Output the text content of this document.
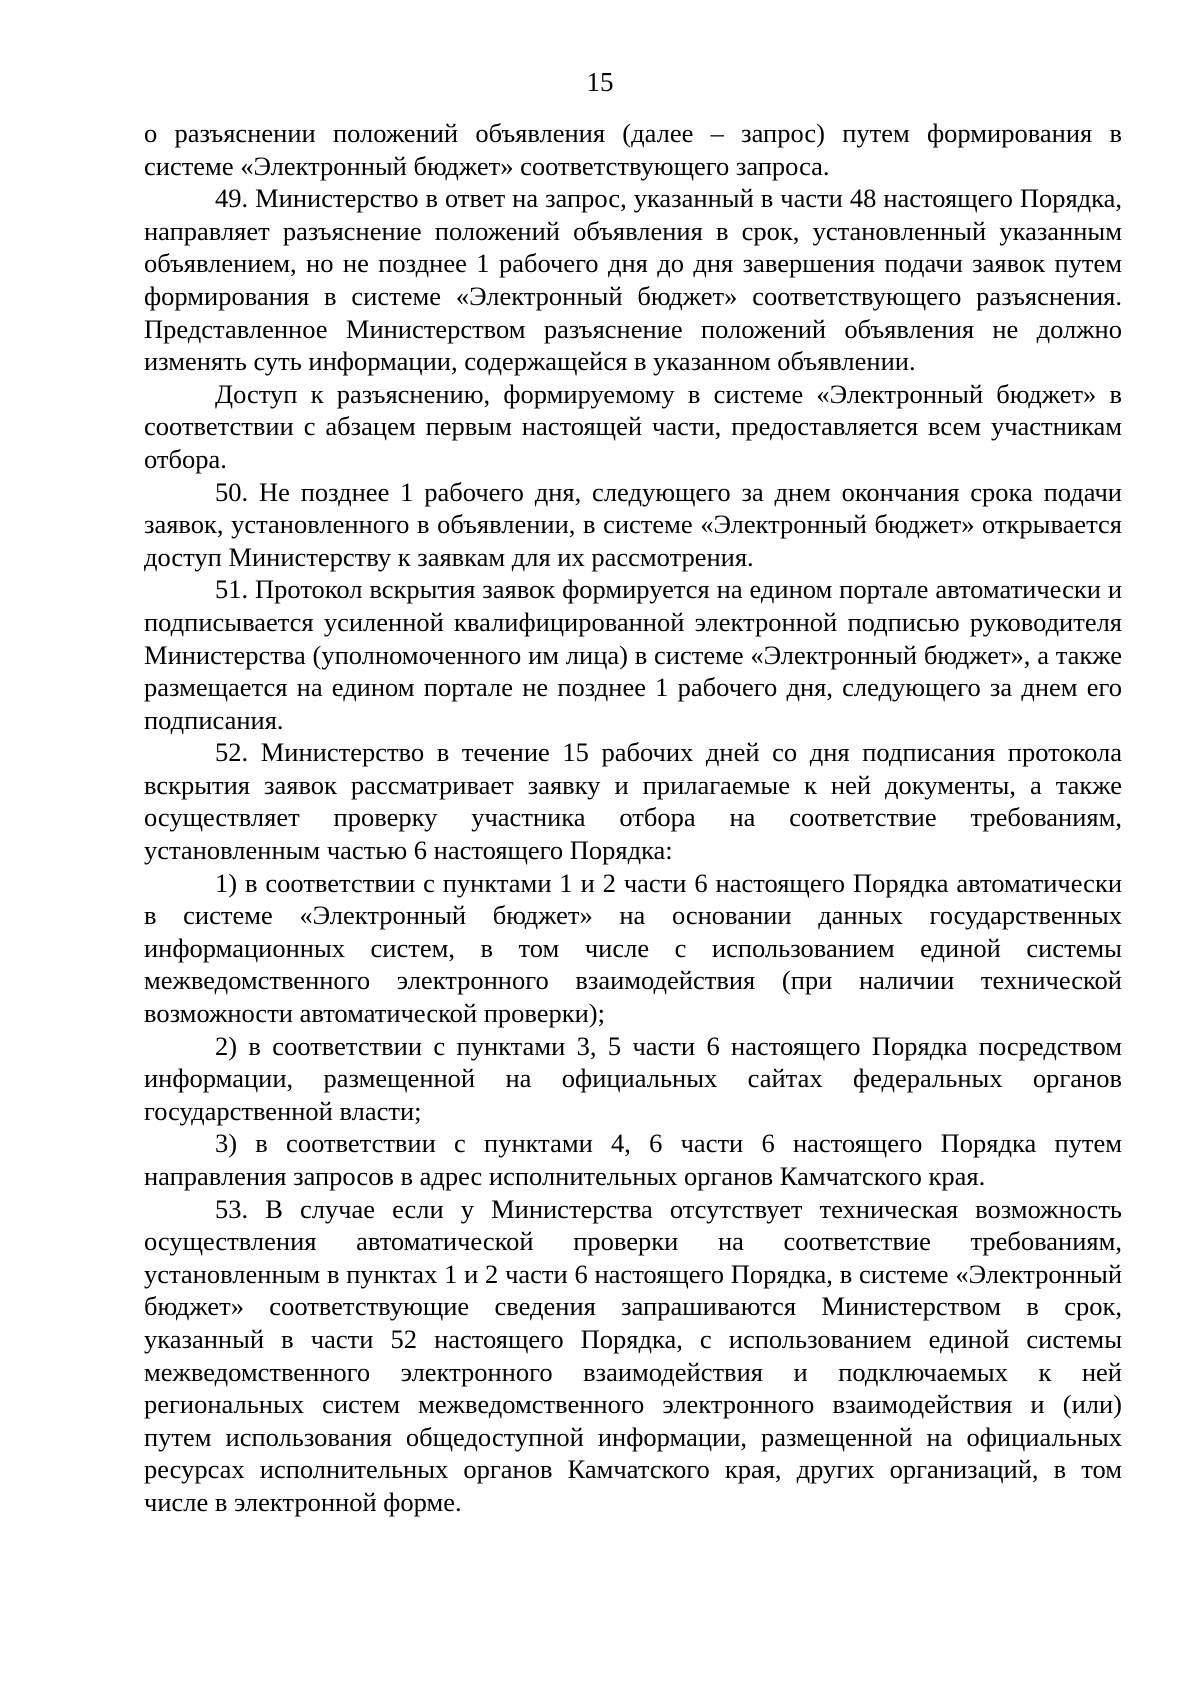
15

о разъяснении положений объявления (далее – запрос) путем формирования в системе «Электронный бюджет» соответствующего запроса.

49. Министерство в ответ на запрос, указанный в части 48 настоящего Порядка, направляет разъяснение положений объявления в срок, установленный указанным объявлением, но не позднее 1 рабочего дня до дня завершения подачи заявок путем формирования в системе «Электронный бюджет» соответствующего разъяснения. Представленное Министерством разъяснение положений объявления не должно изменять суть информации, содержащейся в указанном объявлении.

Доступ к разъяснению, формируемому в системе «Электронный бюджет» в соответствии с абзацем первым настоящей части, предоставляется всем участникам отбора.

50. Не позднее 1 рабочего дня, следующего за днем окончания срока подачи заявок, установленного в объявлении, в системе «Электронный бюджет» открывается доступ Министерству к заявкам для их рассмотрения.

51. Протокол вскрытия заявок формируется на едином портале автоматически и подписывается усиленной квалифицированной электронной подписью руководителя Министерства (уполномоченного им лица) в системе «Электронный бюджет», а также размещается на едином портале не позднее 1 рабочего дня, следующего за днем его подписания.

52. Министерство в течение 15 рабочих дней со дня подписания протокола вскрытия заявок рассматривает заявку и прилагаемые к ней документы, а также осуществляет проверку участника отбора на соответствие требованиям, установленным частью 6 настоящего Порядка:

1) в соответствии с пунктами 1 и 2 части 6 настоящего Порядка автоматически в системе «Электронный бюджет» на основании данных государственных информационных систем, в том числе с использованием единой системы межведомственного электронного взаимодействия (при наличии технической возможности автоматической проверки);

2) в соответствии с пунктами 3, 5 части 6 настоящего Порядка посредством информации, размещенной на официальных сайтах федеральных органов государственной власти;

3) в соответствии с пунктами 4, 6 части 6 настоящего Порядка путем направления запросов в адрес исполнительных органов Камчатского края.

53. В случае если у Министерства отсутствует техническая возможность осуществления автоматической проверки на соответствие требованиям, установленным в пунктах 1 и 2 части 6 настоящего Порядка, в системе «Электронный бюджет» соответствующие сведения запрашиваются Министерством в срок, указанный в части 52 настоящего Порядка, с использованием единой системы межведомственного электронного взаимодействия и подключаемых к ней региональных систем межведомственного электронного взаимодействия и (или) путем использования общедоступной информации, размещенной на официальных ресурсах исполнительных органов Камчатского края, других организаций, в том числе в электронной форме.
